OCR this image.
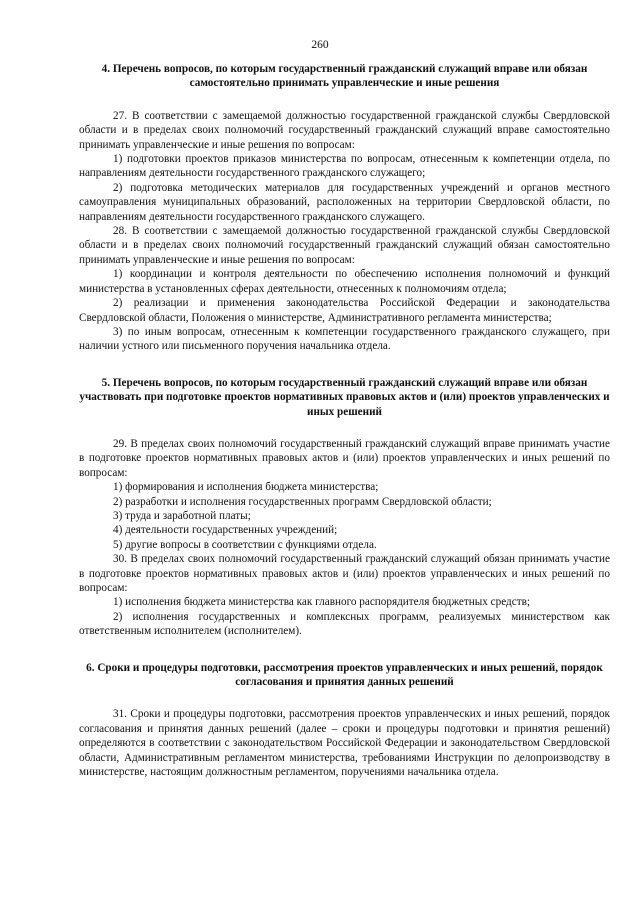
260
4. Перечень вопросов, по которым государственный гражданский служащий вправе или обязан самостоятельно принимать управленческие и иные решения

27. В соответствии с замещаемой должностью государственной гражданской службы Свердловской области и в пределах своих полномочий государственный гражданский служащий вправе самостоятельно принимать управленческие и иные решения по вопросам:

1) подготовки проектов приказов министерства по вопросам, отнесенным к компетенции отдела, по направлениям деятельности государственного гражданского служащего;

2) подготовка методических материалов для государственных учреждений и органов местного самоуправления муниципальных образований, расположенных на территории Свердловской области, по направлениям деятельности государственного гражданского служащего.

28. В соответствии с замещаемой должностью государственной гражданской службы Свердловской области и в пределах своих полномочий государственный гражданский служащий обязан самостоятельно принимать управленческие и иные решения по вопросам:

1) координации и контроля деятельности по обеспечению исполнения полномочий и функций министерства в установленных сферах деятельности, отнесенных к полномочиям отдела;

2) реализации и применения законодательства Российской Федерации и законодательства Свердловской области, Положения о министерстве, Административного регламента министерства;

3) по иным вопросам, отнесенным к компетенции государственного гражданского служащего, при наличии устного или письменного поручения начальника отдела.

5. Перечень вопросов, по которым государственный гражданский служащий вправе или обязан участвовать при подготовке проектов нормативных правовых актов и (или) проектов управленческих и иных решений

29. В пределах своих полномочий государственный гражданский служащий вправе принимать участие в подготовке проектов нормативных правовых актов и (или) проектов управленческих и иных решений по вопросам:

1) формирования и исполнения бюджета министерства;

2) разработки и исполнения государственных программ Свердловской области;

3) труда и заработной платы;

4) деятельности государственных учреждений;

5) другие вопросы в соответствии с функциями отдела.

30. В пределах своих полномочий государственный гражданский служащий обязан принимать участие в подготовке проектов нормативных правовых актов и (или) проектов управленческих и иных решений по вопросам:

1) исполнения бюджета министерства как главного распорядителя бюджетных средств;

2) исполнения государственных и комплексных программ, реализуемых министерством как ответственным исполнителем (исполнителем).

6. Сроки и процедуры подготовки, рассмотрения проектов управленческих и иных решений, порядок согласования и принятия данных решений

31. Сроки и процедуры подготовки, рассмотрения проектов управленческих и иных решений, порядок согласования и принятия данных решений (далее – сроки и процедуры подготовки и принятия решений) определяются в соответствии с законодательством Российской Федерации и законодательством Свердловской области, Административным регламентом министерства, требованиями Инструкции по делопроизводству в министерстве, настоящим должностным регламентом, поручениями начальника отдела.
